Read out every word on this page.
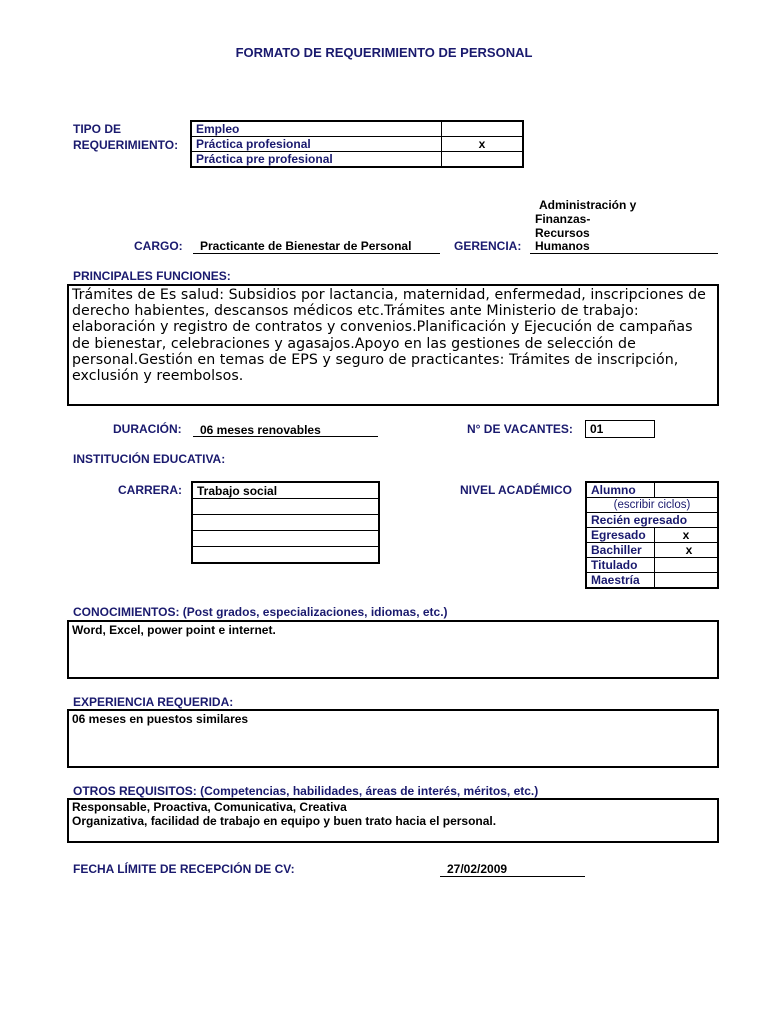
FORMATO DE REQUERIMIENTO DE PERSONAL
TIPO DE
REQUERIMIENTO:
Empleo	
Práctica profesional	x
Práctica pre profesional	
CARGO: Practicante de Bienestar de Personal	GERENCIA:
Administración y
Finanzas-
Recursos
Humanos
PRINCIPALES FUNCIONES:
Trámites de Es salud: Subsidios por lactancia, maternidad, enfermedad, inscripciones de derecho habientes, descansos médicos etc.Trámites ante Ministerio de trabajo: elaboración y registro de contratos y convenios.Planificación y Ejecución de campañas de bienestar, celebraciones y agasajos.Apoyo en las gestiones de selección de personal.Gestión en temas de EPS y seguro de practicantes: Trámites de inscripción, exclusión y reembolsos.
DURACIÓN: 06 meses renovables	N° DE VACANTES:	01
INSTITUCIÓN EDUCATIVA:
CARRERA: Trabajo social	NIVEL ACADÉMICO Alumno	
(escribir ciclos)	
Recién egresado	
Egresado	x
Bachiller	x
Titulado	
Maestría	
CONOCIMIENTOS: (Post grados, especializaciones, idiomas, etc.)
Word, Excel, power point e internet.
EXPERIENCIA REQUERIDA:
06 meses en puestos similares
OTROS REQUISITOS: (Competencias, habilidades, áreas de interés, méritos, etc.)
Responsable, Proactiva, Comunicativa, Creativa
Organizativa, facilidad de trabajo en equipo y buen trato hacia el personal.
FECHA LÍMITE DE RECEPCIÓN DE CV:	27/02/2009
